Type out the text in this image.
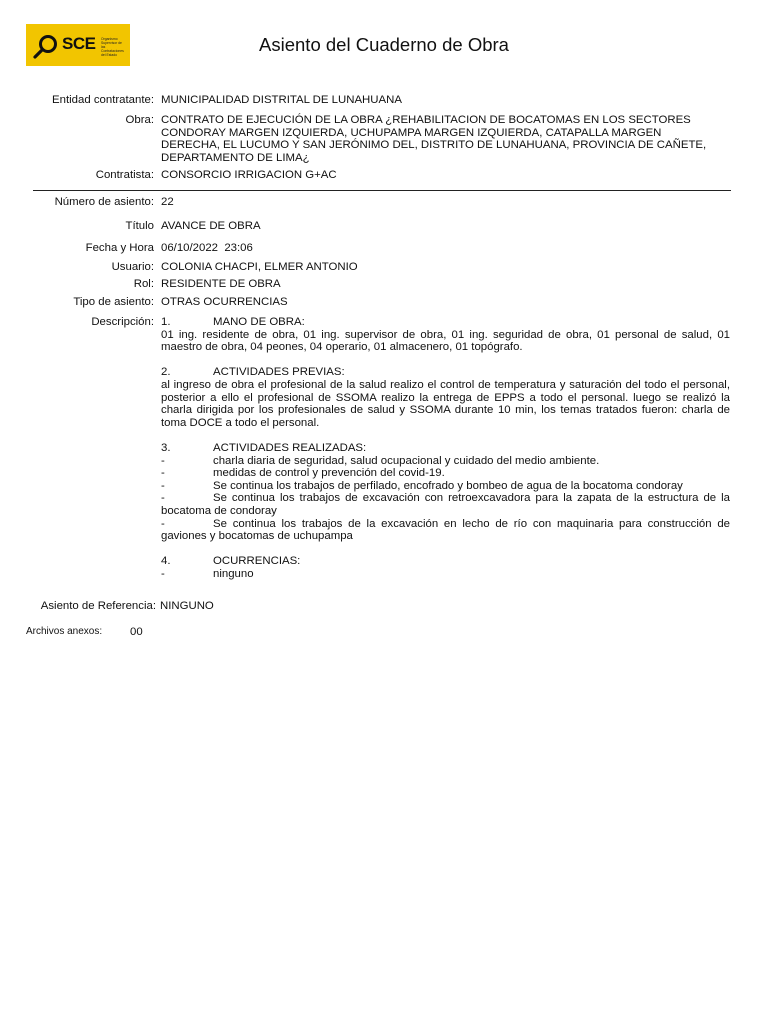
SCE Organismo Supervisor de las Contrataciones del Estado	Asiento del Cuaderno de Obra
Entidad contratante: MUNICIPALIDAD DISTRITAL DE LUNAHUANA
Obra: CONTRATO DE EJECUCIÓN DE LA OBRA ¿REHABILITACION DE BOCATOMAS EN LOS SECTORES
CONDORAY MARGEN IZQUIERDA, UCHUPAMPA MARGEN IZQUIERDA, CATAPALLA MARGEN
DERECHA, EL LUCUMO Y SAN JERÓNIMO DEL, DISTRITO DE LUNAHUANA, PROVINCIA DE CAÑETE,
DEPARTAMENTO DE LIMA¿
Contratista: CONSORCIO IRRIGACION G+AC
Número de asiento: 22
Título AVANCE DE OBRA
Fecha y Hora 06/10/2022  23:06
Usuario: COLONIA CHACPI, ELMER ANTONIO
Rol: RESIDENTE DE OBRA
Tipo de asiento: OTRAS OCURRENCIAS
Descripción: 1.	MANO DE OBRA:

01 ing. residente de obra, 01 ing. supervisor de obra, 01 ing. seguridad de obra, 01 personal de salud, 01 maestro de obra, 04 peones, 04 operario, 01 almacenero, 01 topógrafo.

2.	ACTIVIDADES PREVIAS:

al ingreso de obra el profesional de la salud realizo el control de temperatura y saturación del todo el personal, posterior a ello el profesional de SSOMA realizo la entrega de EPPS a todo el personal. luego se realizó la charla dirigida por los profesionales de salud y SSOMA durante 10 min, los temas tratados fueron: charla de toma DOCE a todo el personal.

3.	ACTIVIDADES REALIZADAS:

-	charla diaria de seguridad, salud ocupacional y cuidado del medio ambiente.

-	medidas de control y prevención del covid-19.

-	Se continua los trabajos de perfilado, encofrado y bombeo de agua de la bocatoma condoray

-	Se continua los trabajos de excavación con retroexcavadora para la zapata de la estructura de la bocatoma de condoray

-	Se continua los trabajos de la excavación en lecho de río con maquinaria para construcción de gaviones y bocatomas de uchupampa

4.	OCURRENCIAS:

-	ninguno

Asiento de Referencia: NINGUNO
Archivos anexos: 00
